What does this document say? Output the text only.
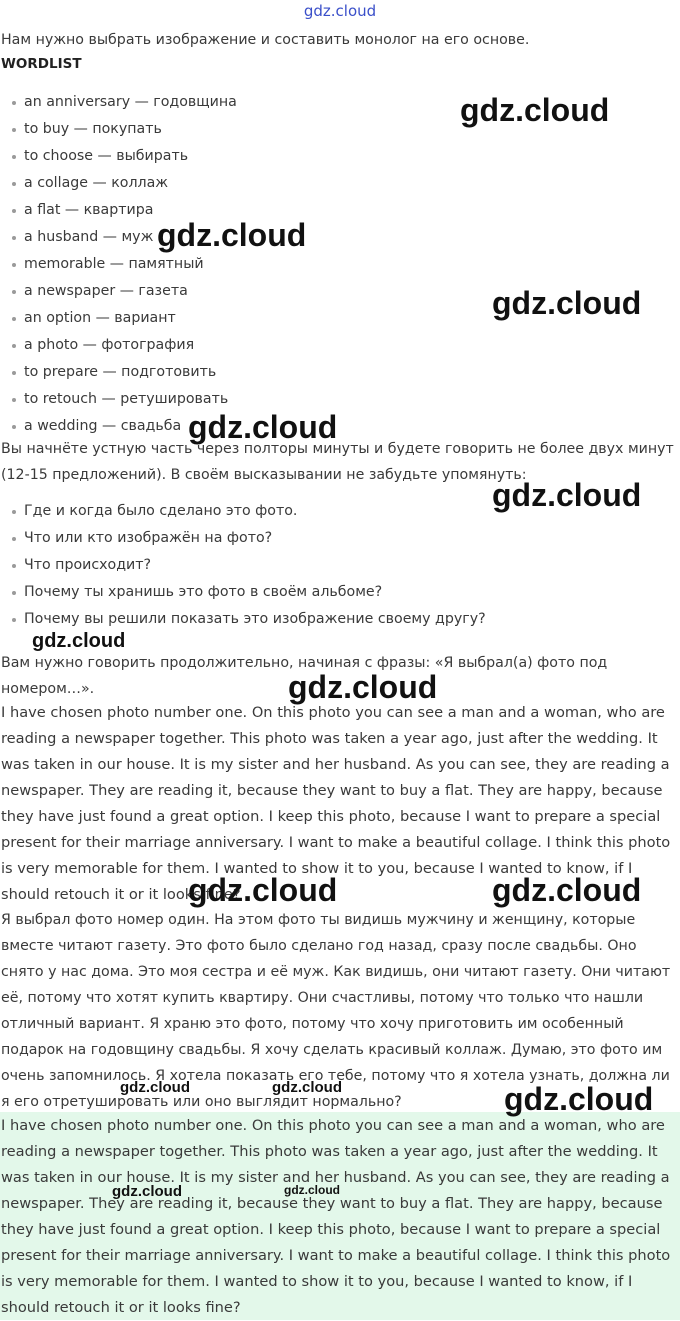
gdz.cloud

Нам нужно выбрать изображение и составить монолог на его основе.

WORDLIST

an anniversary — годовщина
to buy — покупать
to choose — выбирать
a collage — коллаж
a flat — квартира
a husband — муж
memorable — памятный
a newspaper — газета
an option — вариант
a photo — фотография
to prepare — подготовить
to retouch — ретушировать
a wedding — свадьба

Вы начнёте устную часть через полторы минуты и будете говорить не более двух минут (12-15 предложений). В своём высказывании не забудьте упомянуть:

Где и когда было сделано это фото.
Что или кто изображён на фото?
Что происходит?
Почему ты хранишь это фото в своём альбоме?
Почему вы решили показать это изображение своему другу?

Вам нужно говорить продолжительно, начиная с фразы: «Я выбрал(а) фото под номером…».

I have chosen photo number one. On this photo you can see a man and a woman, who are reading a newspaper together. This photo was taken a year ago, just after the wedding. It was taken in our house. It is my sister and her husband. As you can see, they are reading a newspaper. They are reading it, because they want to buy a flat. They are happy, because they have just found a great option. I keep this photo, because I want to prepare a special present for their marriage anniversary. I want to make a beautiful collage. I think this photo is very memorable for them. I wanted to show it to you, because I wanted to know, if I should retouch it or it looks fine?

Я выбрал фото номер один. На этом фото ты видишь мужчину и женщину, которые вместе читают газету. Это фото было сделано год назад, сразу после свадьбы. Оно снято у нас дома. Это моя сестра и её муж. Как видишь, они читают газету. Они читают её, потому что хотят купить квартиру. Они счастливы, потому что только что нашли отличный вариант. Я храню это фото, потому что хочу приготовить им особенный подарок на годовщину свадьбы. Я хочу сделать красивый коллаж. Думаю, это фото им очень запомнилось. Я хотела показать его тебе, потому что я хотела узнать, должна ли я его отретушировать или оно выглядит нормально?

I have chosen photo number one. On this photo you can see a man and a woman, who are reading a newspaper together. This photo was taken a year ago, just after the wedding. It was taken in our house. It is my sister and her husband. As you can see, they are reading a newspaper. They are reading it, because they want to buy a flat. They are happy, because they have just found a great option. I keep this photo, because I want to prepare a special present for their marriage anniversary. I want to make a beautiful collage. I think this photo is very memorable for them. I wanted to show it to you, because I wanted to know, if I should retouch it or it looks fine?

gdz.cloud
gdz.cloud
gdz.cloud
gdz.cloud
gdz.cloud
gdz.cloud
gdz.cloud
gdz.cloud	gdz.cloud
gdz.cloud	gdz.cloud	gdz.cloud
gdz.cloud	gdz.cloud
